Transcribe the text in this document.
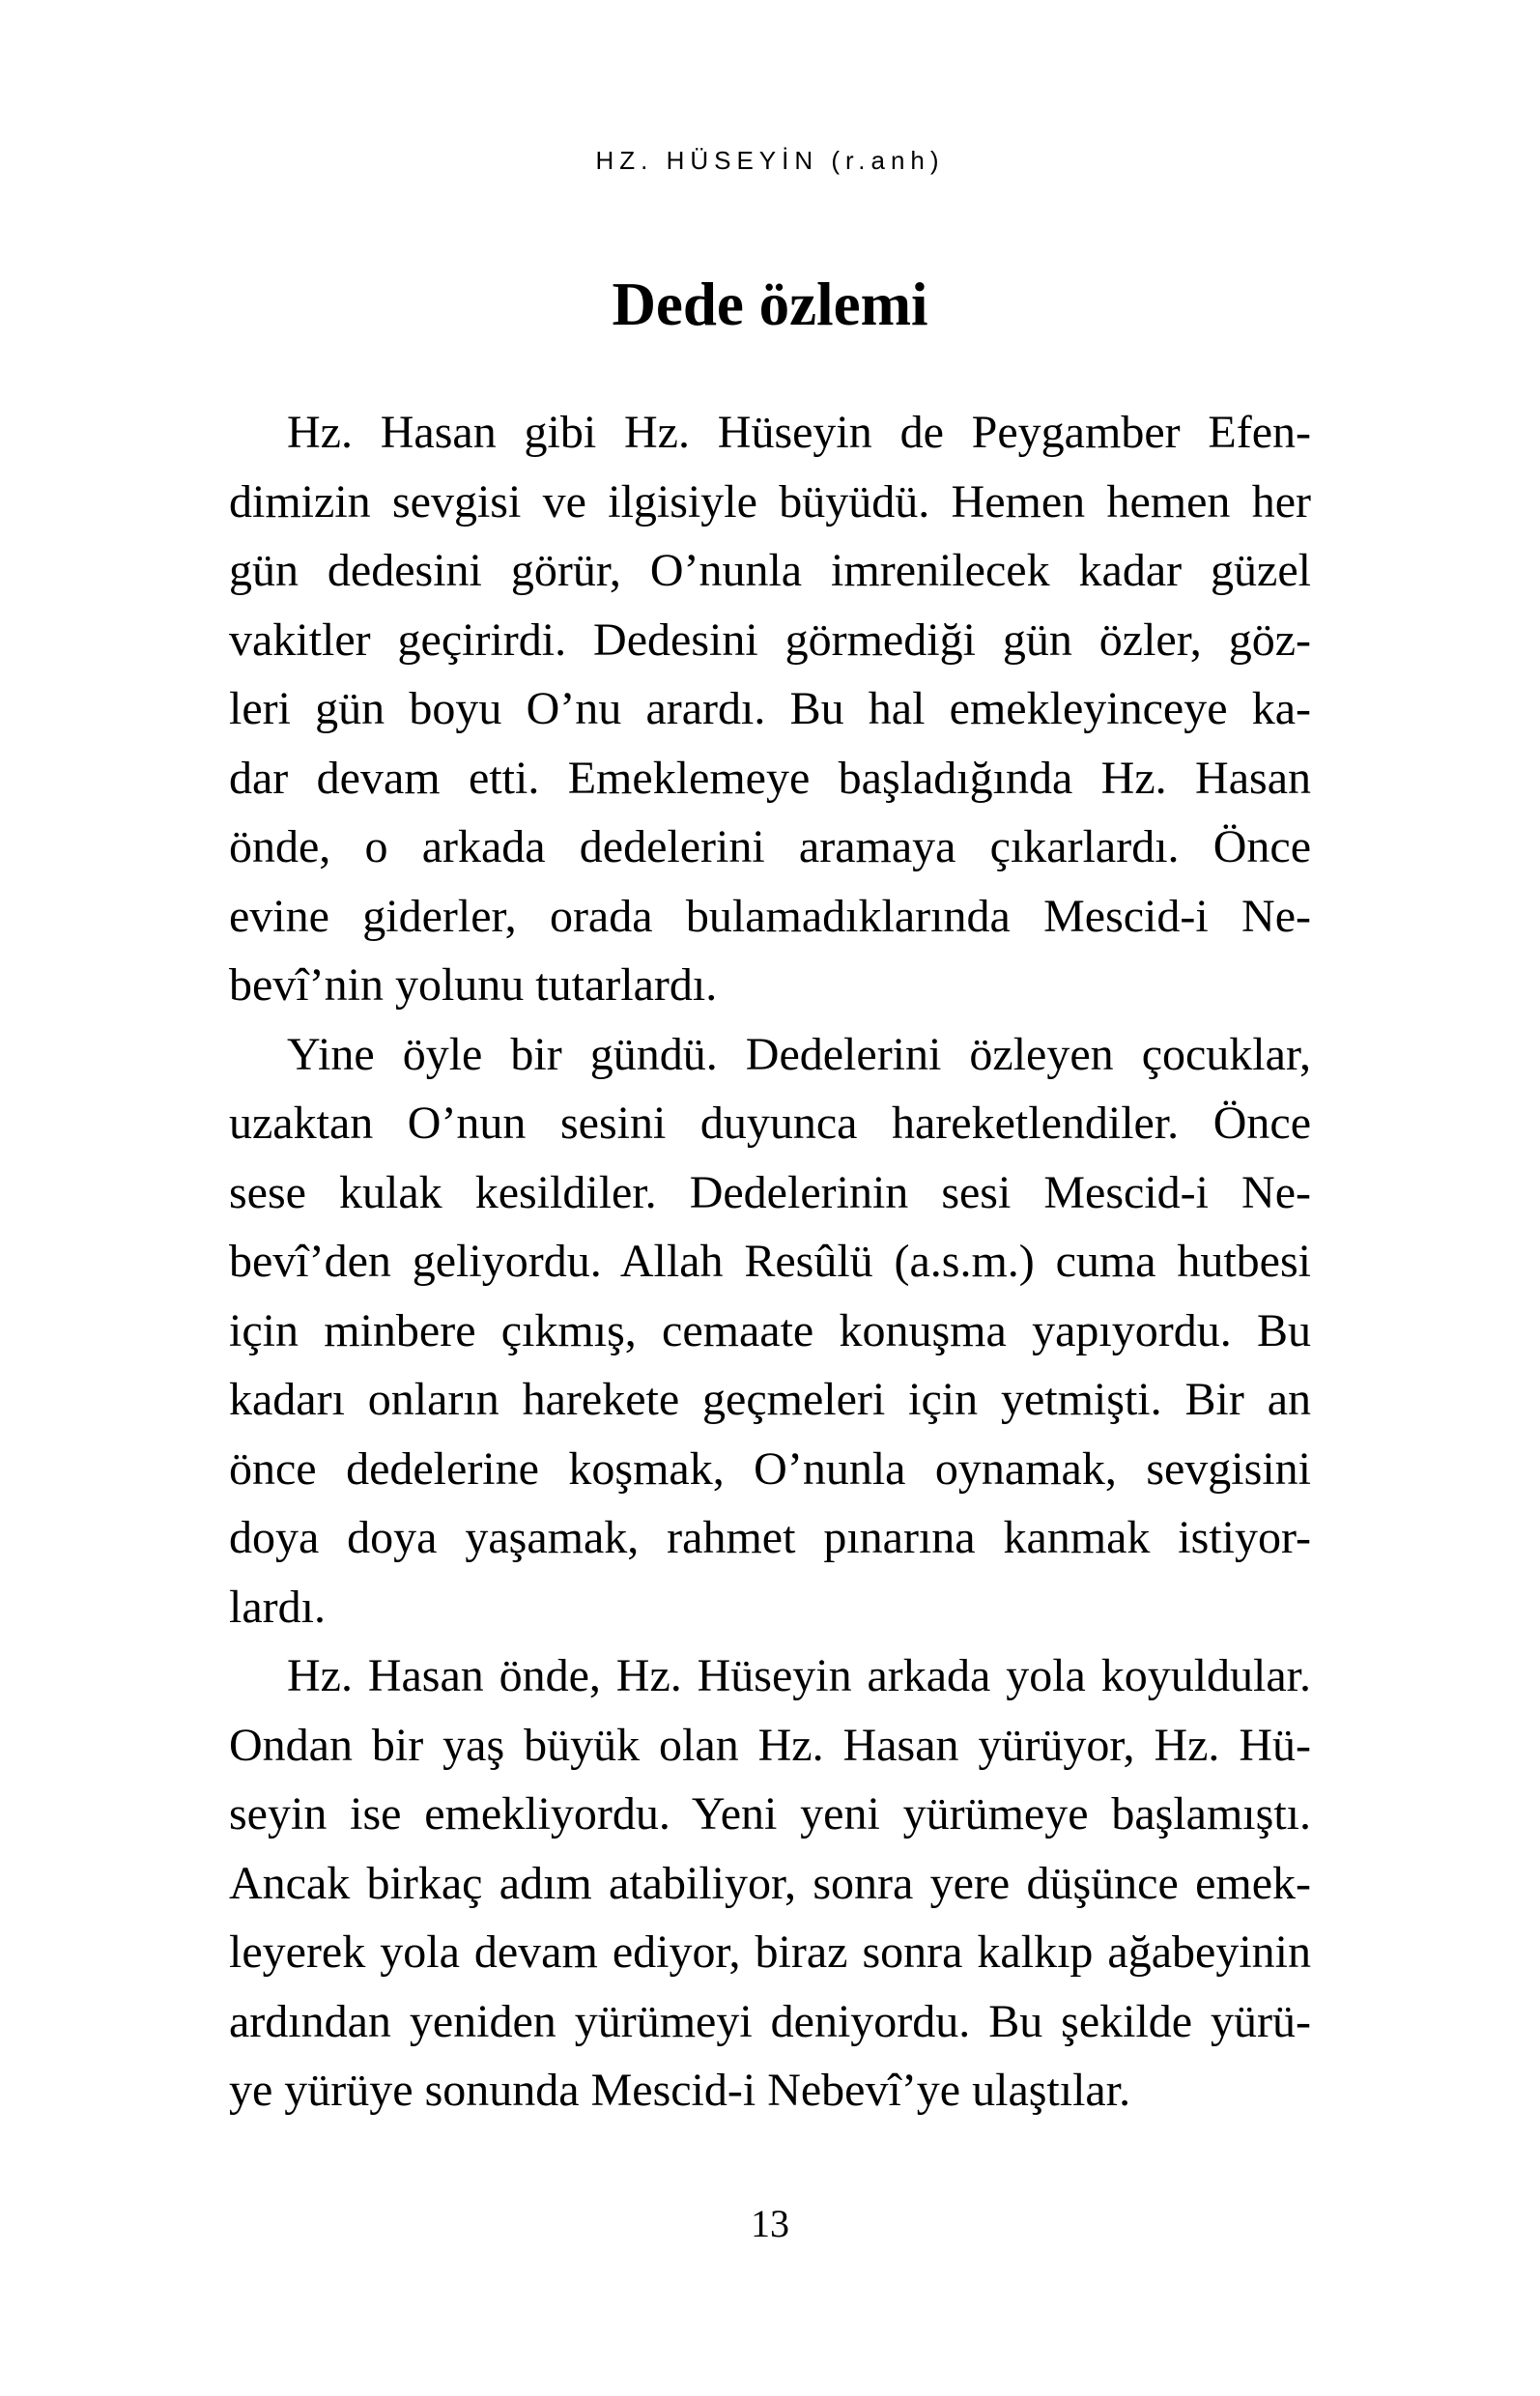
HZ. HÜSEYİN (r.anh)
Dede özlemi
Hz. Hasan gibi Hz. Hüseyin de Peygamber Efen-
dimizin sevgisi ve ilgisiyle büyüdü. Hemen hemen her
gün dedesini görür, O’nunla imrenilecek kadar güzel
vakitler geçirirdi. Dedesini görmediği gün özler, göz-
leri gün boyu O’nu arardı. Bu hal emekleyinceye ka-
dar devam etti. Emeklemeye başladığında Hz. Hasan
önde, o arkada dedelerini aramaya çıkarlardı. Önce
evine giderler, orada bulamadıklarında Mescid-i Ne-
bevî’nin yolunu tutarlardı.
Yine öyle bir gündü. Dedelerini özleyen çocuklar,
uzaktan O’nun sesini duyunca hareketlendiler. Önce
sese kulak kesildiler. Dedelerinin sesi Mescid-i Ne-
bevî’den geliyordu. Allah Resûlü (a.s.m.) cuma hutbesi
için minbere çıkmış, cemaate konuşma yapıyordu. Bu
kadarı onların harekete geçmeleri için yetmişti. Bir an
önce dedelerine koşmak, O’nunla oynamak, sevgisini
doya doya yaşamak, rahmet pınarına kanmak istiyor-
lardı.
Hz. Hasan önde, Hz. Hüseyin arkada yola koyuldular.
Ondan bir yaş büyük olan Hz. Hasan yürüyor, Hz. Hü-
seyin ise emekliyordu. Yeni yeni yürümeye başlamıştı.
Ancak birkaç adım atabiliyor, sonra yere düşünce emek-
leyerek yola devam ediyor, biraz sonra kalkıp ağabeyinin
ardından yeniden yürümeyi deniyordu. Bu şekilde yürü-
ye yürüye sonunda Mescid-i Nebevî’ye ulaştılar.
13
